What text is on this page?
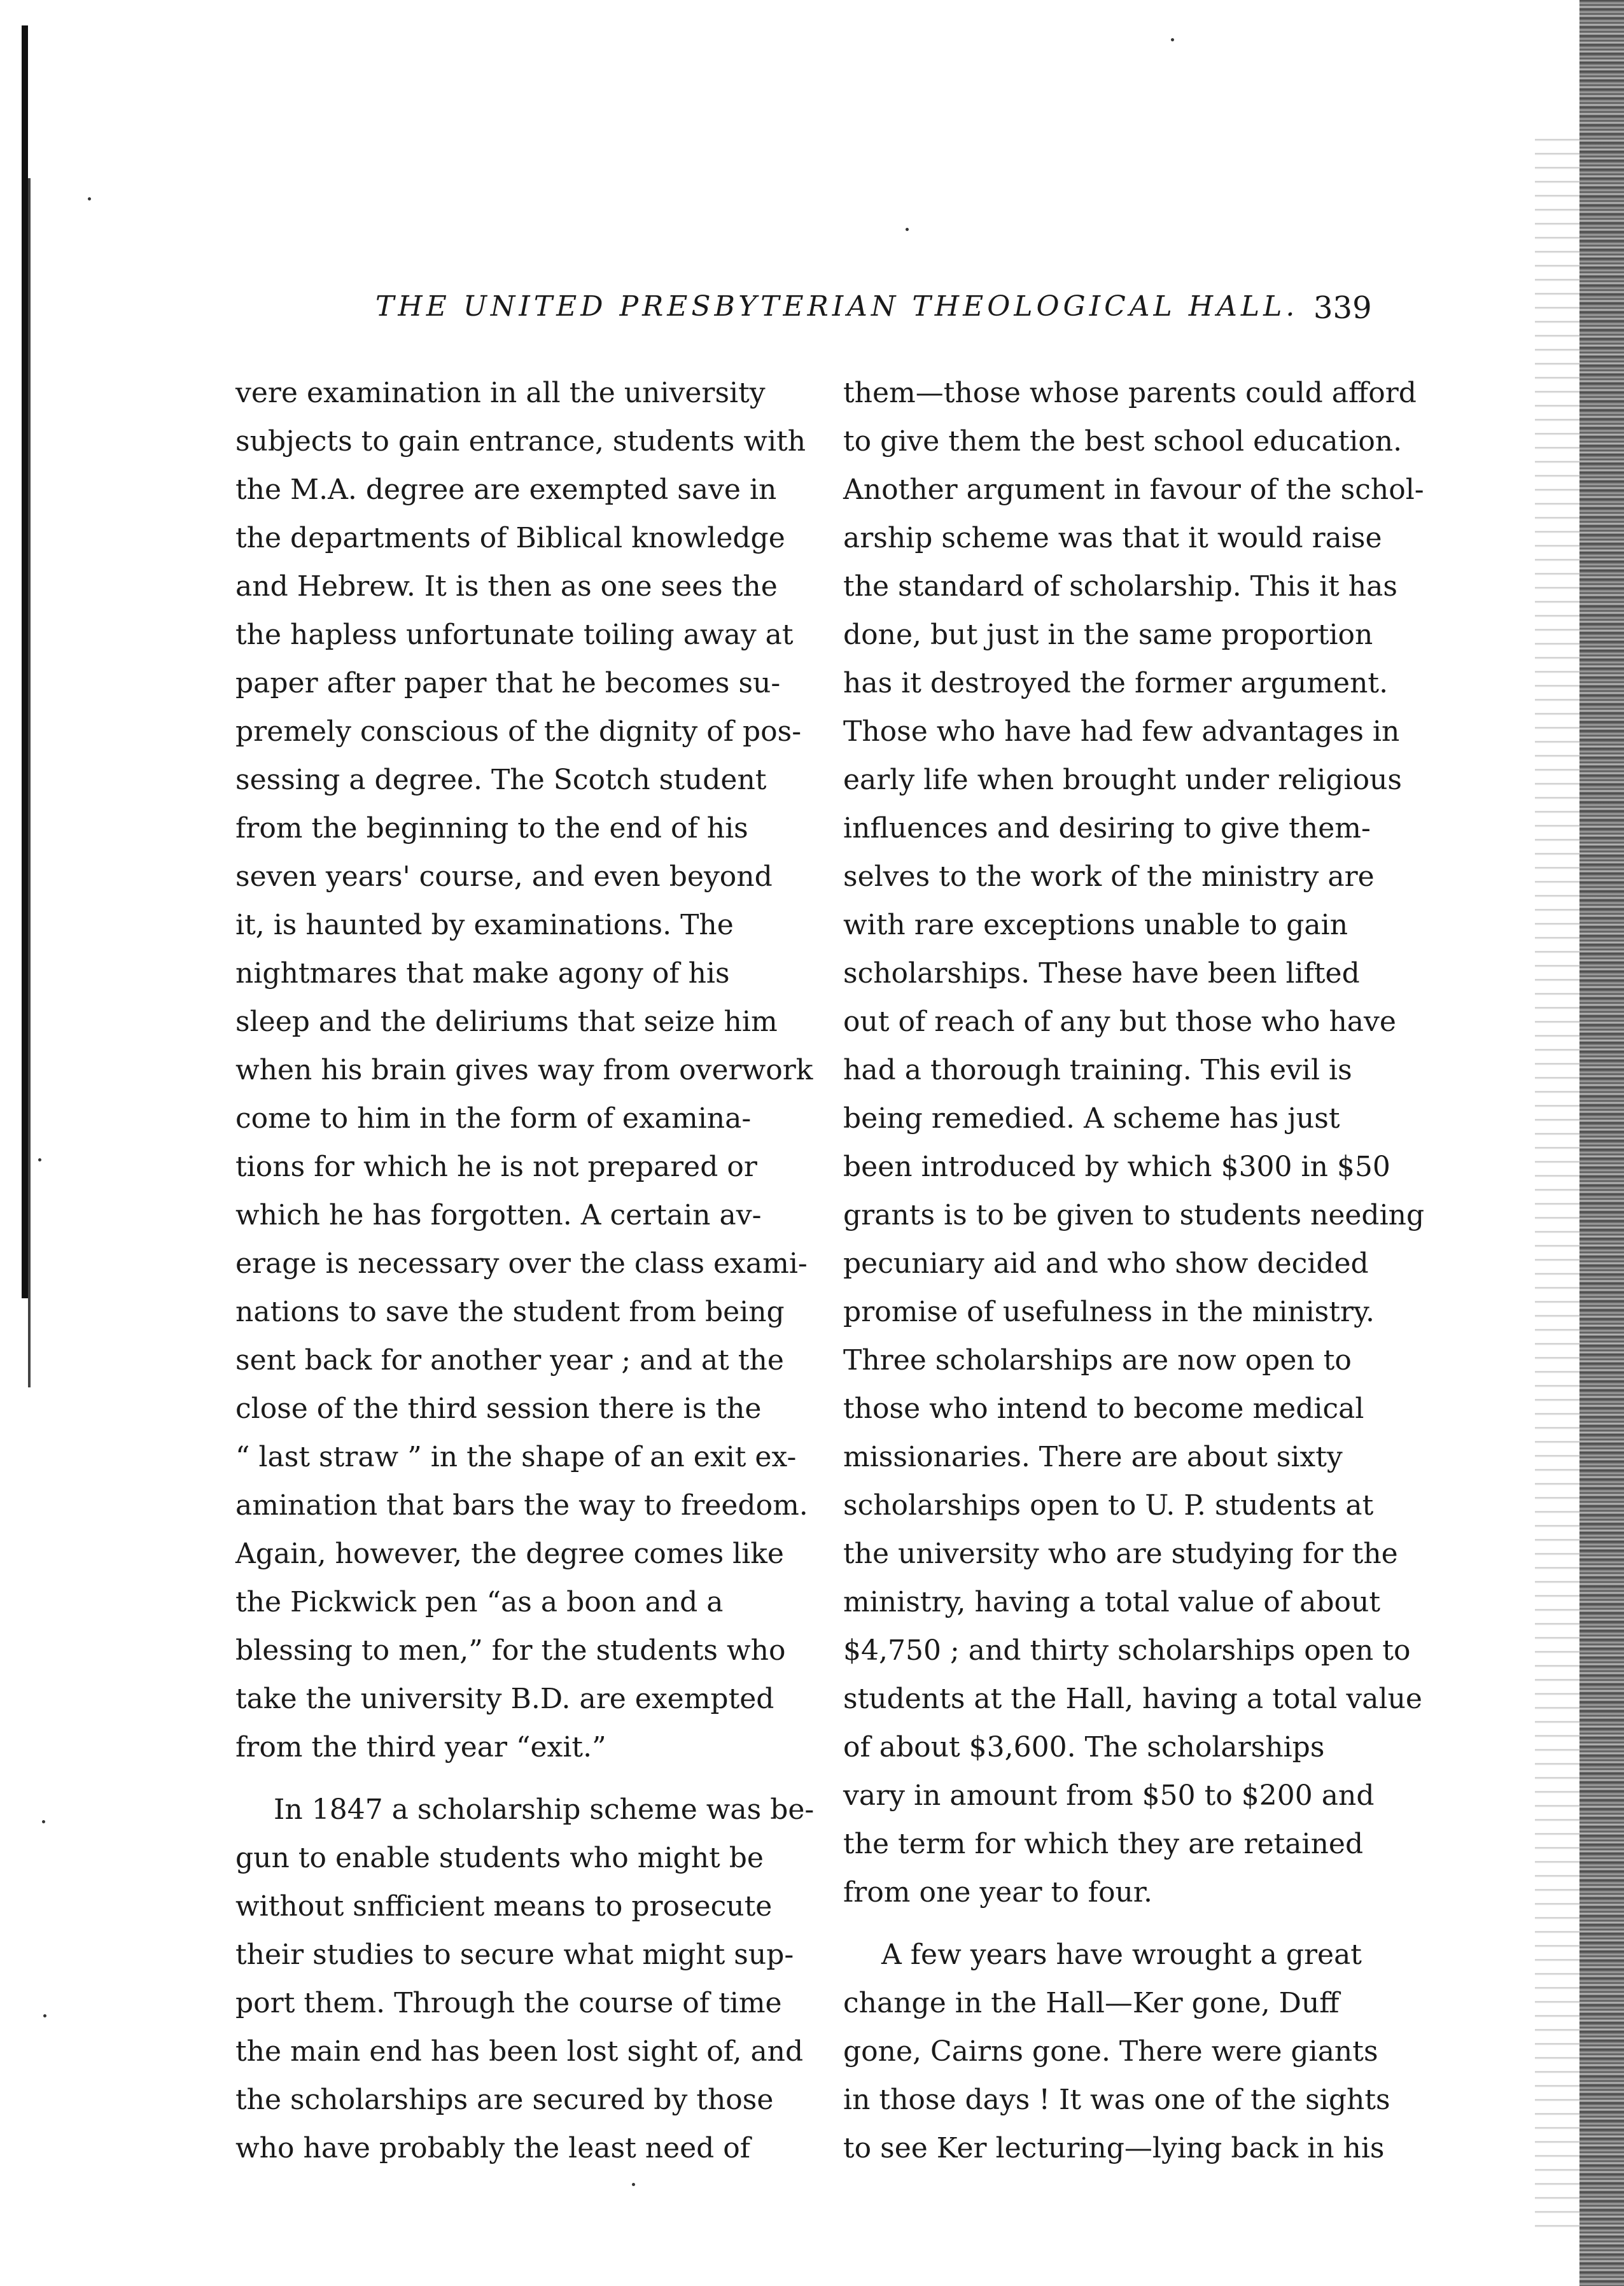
THE UNITED PRESBYTERIAN THEOLOGICAL HALL. 339

vere examination in all the university
subjects to gain entrance, students with
the M.A. degree are exempted save in
the departments of Biblical knowledge
and Hebrew. It is then as one sees the
the hapless unfortunate toiling away at
paper after paper that he becomes su-
premely conscious of the dignity of pos-
sessing a degree. The Scotch student
from the beginning to the end of his
seven years' course, and even beyond
it, is haunted by examinations. The
nightmares that make agony of his
sleep and the deliriums that seize him
when his brain gives way from overwork
come to him in the form of examina-
tions for which he is not prepared or
which he has forgotten. A certain av-
erage is necessary over the class exami-
nations to save the student from being
sent back for another year ; and at the
close of the third session there is the
“ last straw ” in the shape of an exit ex-
amination that bars the way to freedom.
Again, however, the degree comes like
the Pickwick pen “as a boon and a
blessing to men,” for the students who
take the university B.D. are exempted
from the third year “exit.”

In 1847 a scholarship scheme was be-
gun to enable students who might be
without snfficient means to prosecute
their studies to secure what might sup-
port them. Through the course of time
the main end has been lost sight of, and
the scholarships are secured by those
who have probably the least need of

them—those whose parents could afford
to give them the best school education.
Another argument in favour of the schol-
arship scheme was that it would raise
the standard of scholarship. This it has
done, but just in the same proportion
has it destroyed the former argument.
Those who have had few advantages in
early life when brought under religious
influences and desiring to give them-
selves to the work of the ministry are
with rare exceptions unable to gain
scholarships. These have been lifted
out of reach of any but those who have
had a thorough training. This evil is
being remedied. A scheme has just
been introduced by which $300 in $50
grants is to be given to students needing
pecuniary aid and who show decided
promise of usefulness in the ministry.
Three scholarships are now open to
those who intend to become medical
missionaries. There are about sixty
scholarships open to U. P. students at
the university who are studying for the
ministry, having a total value of about
$4,750 ; and thirty scholarships open to
students at the Hall, having a total value
of about $3,600. The scholarships
vary in amount from $50 to $200 and
the term for which they are retained
from one year to four.

A few years have wrought a great
change in the Hall—Ker gone, Duff
gone, Cairns gone. There were giants
in those days ! It was one of the sights
to see Ker lecturing—lying back in his
